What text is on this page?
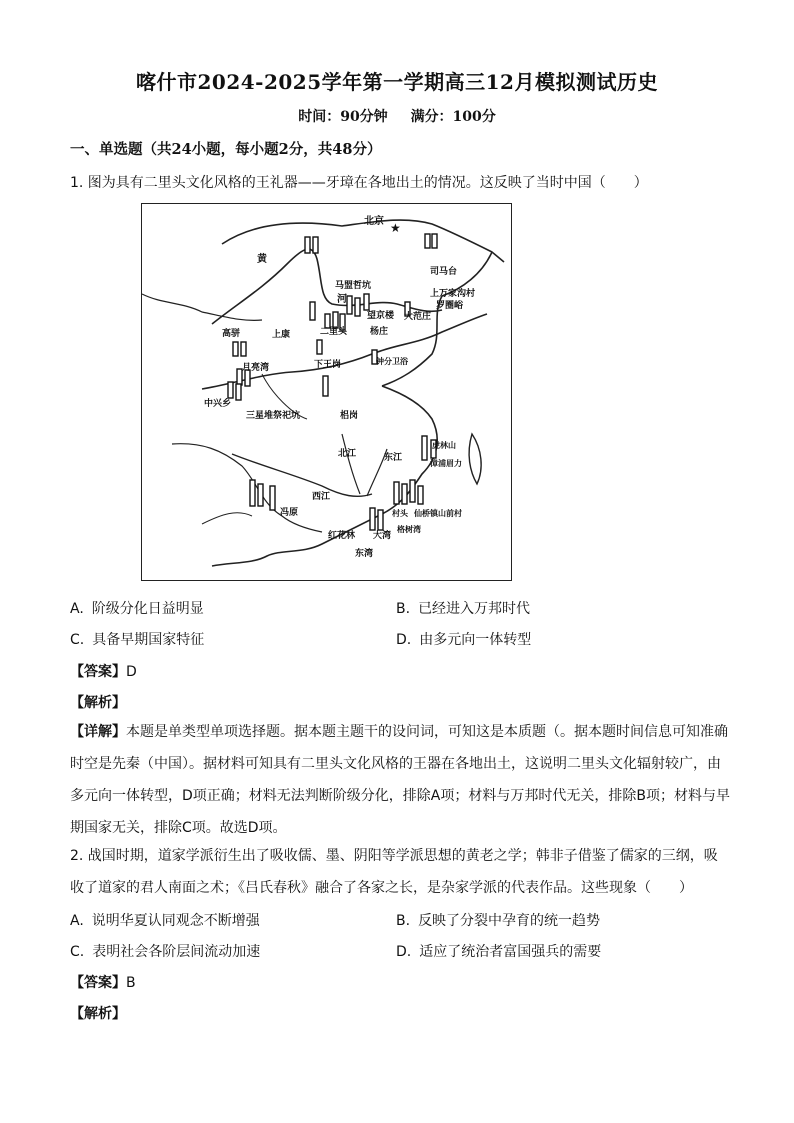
喀什市2024-2025学年第一学期高三12月模拟测试历史
时间：90分钟 满分：100分
一、单选题（共24小题，每小题2分，共48分）
1. 图为具有二里头文化风格的王礼器——牙璋在各地出土的情况。这反映了当时中国（　　）
★
北京
黄
河
司马台
上万家沟村
罗圈峪
马盟哲坑
望京楼 大范庄
杨庄
上康	二里头
高骈
月亮湾	下王岗	钟分卫浴
中兴乡
三星堆祭祀坑	梠岗
北江	东江
虎林山
漳浦眉力
西江
村头 仙桥镇山前村
冯原
红花林 大湾
格树湾
东湾
A. 阶级分化日益明显	B. 已经进入万邦时代
C. 具备早期国家特征	D. 由多元向一体转型
【答案】D
【解析】
【详解】本题是单类型单项选择题。据本题主题干的设问词，可知这是本质题（。据本题时间信息可知准确时空是先秦（中国）。据材料可知具有二里头文化风格的王器在各地出土，这说明二里头文化辐射较广，由多元向一体转型，D项正确；材料无法判断阶级分化，排除A项；材料与万邦时代无关，排除B项；材料与早期国家无关，排除C项。故选D项。
2. 战国时期，道家学派衍生出了吸收儒、墨、阴阳等学派思想的黄老之学；韩非子借鉴了儒家的三纲，吸收了道家的君人南面之术；《吕氏春秋》融合了各家之长，是杂家学派的代表作品。这些现象（　　）
A. 说明华夏认同观念不断增强	B. 反映了分裂中孕育的统一趋势
C. 表明社会各阶层间流动加速	D. 适应了统治者富国强兵的需要
【答案】B
【解析】
